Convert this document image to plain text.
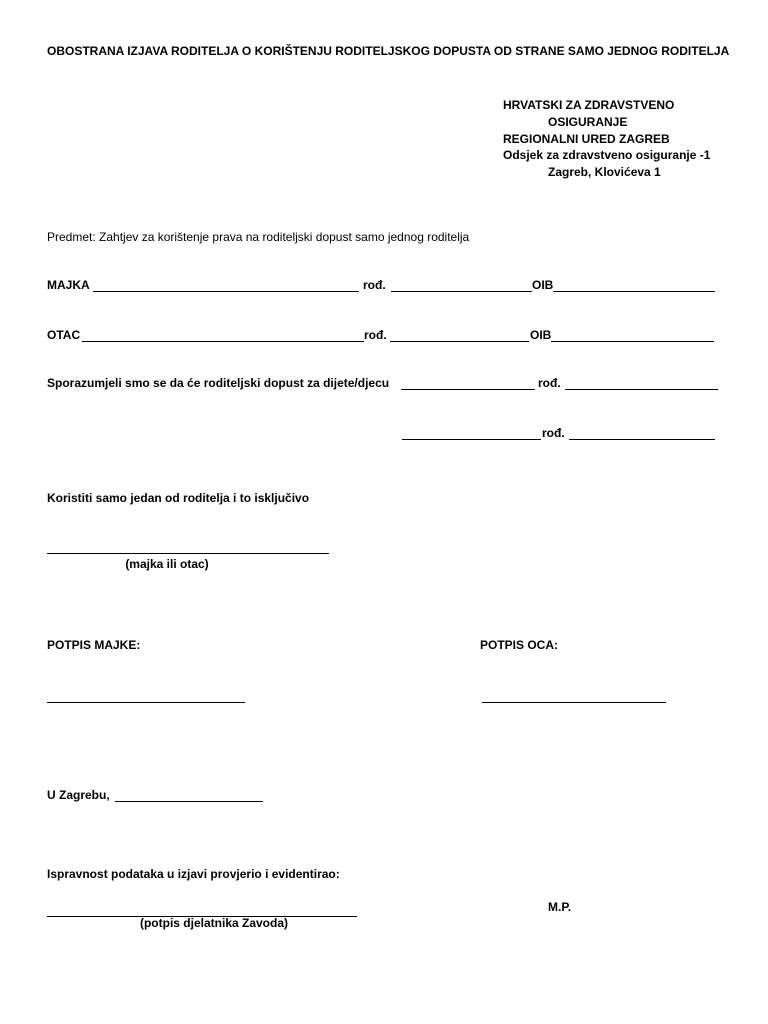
OBOSTRANA IZJAVA RODITELJA O KORIŠTENJU RODITELJSKOG DOPUSTA OD STRANE SAMO JEDNOG RODITELJA
HRVATSKI ZA ZDRAVSTVENO
OSIGURANJE
REGIONALNI URED ZAGREB
Odsjek za zdravstveno osiguranje -1
Zagreb, Klovićeva 1
Predmet: Zahtjev za korištenje prava na roditeljski dopust samo jednog roditelja
MAJKA	rođ.	OIB
OTAC	rođ.	OIB
Sporazumjeli smo se da će roditeljski dopust za dijete/djecu	rođ.
rođ.
Koristiti samo jedan od roditelja i to isključivo
(majka ili otac)
POTPIS MAJKE:	POTPIS OCA:
U Zagrebu,
Ispravnost podataka u izjavi provjerio i evidentirao:
M.P.
(potpis djelatnika Zavoda)
